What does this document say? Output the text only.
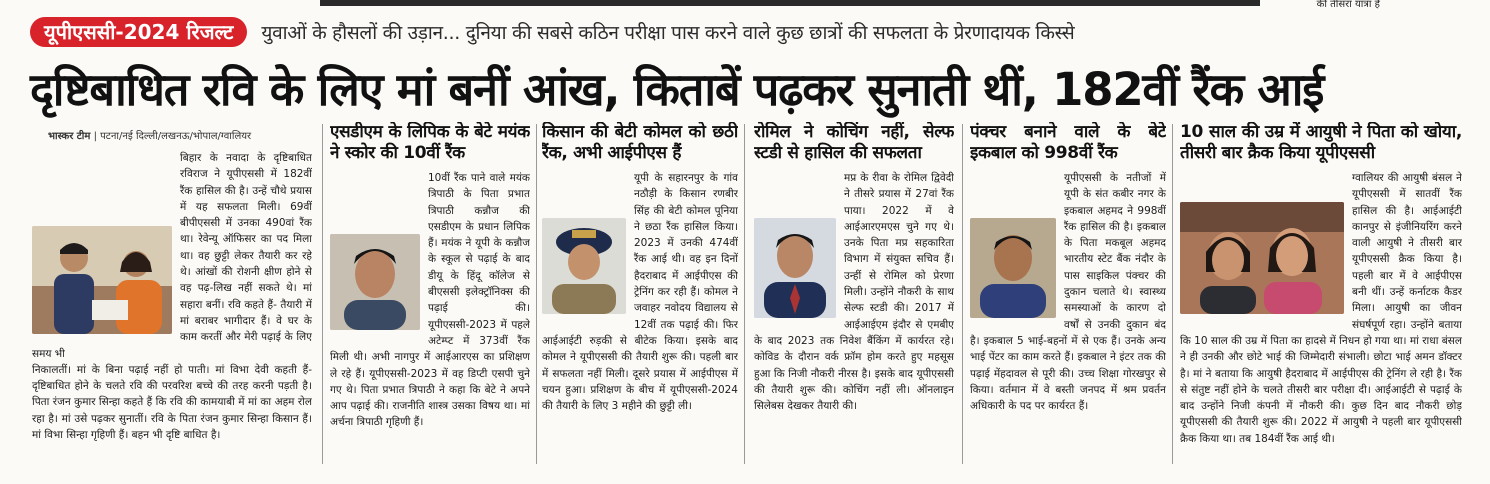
की तीसरा यात्रा है
यूपीएससी-2024 रिजल्ट	युवाओं के हौसलों की उड़ान... दुनिया की सबसे कठिन परीक्षा पास करने वाले कुछ छात्रों की सफलता के प्रेरणादायक किस्से
दृष्टिबाधित रवि के लिए मां बनीं आंख, किताबें पढ़कर सुनाती थीं, 182वीं रैंक आई
भास्कर टीम | पटना/नई दिल्ली/लखनऊ/भोपाल/ग्वालियर

बिहार के नवादा के दृष्टिबाधित रविराज ने यूपीएससी में 182वीं रैंक हासिल की है। उन्हें चौथे प्रयास में यह सफलता मिली। 69वीं बीपीएससी में उनका 490वां रैंक था। रेवेन्यू ऑफिसर का पद मिला था। वह छुट्टी लेकर तैयारी कर रहे थे। आंखों की रोशनी क्षीण होने से वह पढ़-लिख नहीं सकते थे। मां सहारा बनीं। रवि कहते हैं- तैयारी में मां बराबर भागीदार हैं। वे घर के काम करतीं और मेरी पढ़ाई के लिए समय भी

निकालतीं। मां के बिना पढ़ाई नहीं हो पाती। मां विभा देवी कहती हैं- दृष्टिबाधित होने के चलते रवि की परवरिश बच्चे की तरह करनी पड़ती है। पिता रंजन कुमार सिन्हा कहते हैं कि रवि की कामयाबी में मां का अहम रोल रहा है। मां उसे पढ़कर सुनातीं। रवि के पिता रंजन कुमार सिन्हा किसान हैं। मां विभा सिन्हा गृहिणी हैं। बहन भी दृष्टि बाधित है।

एसडीएम के लिपिक के बेटे मयंक ने स्कोर की 10वीं रैंक

10वीं रैंक पाने वाले मयंक त्रिपाठी के पिता प्रभात त्रिपाठी कन्नौज की एसडीएम के प्रधान लिपिक हैं। मयंक ने यूपी के कन्नौज के स्कूल से पढ़ाई के बाद डीयू के हिंदू कॉलेज से बीएससी इलेक्ट्रॉनिक्स की पढ़ाई की। यूपीएससी-2023 में पहले अटेम्प्ट में 373वीं रैंक मिली थी। अभी नागपुर में आईआरएस का प्रशिक्षण ले रहे हैं। यूपीएससी-2023 में वह डिप्टी एसपी चुने गए थे। पिता प्रभात त्रिपाठी ने कहा कि बेटे ने अपने आप पढ़ाई की। राजनीति शास्त्र उसका विषय था। मां अर्चना त्रिपाठी गृहिणी हैं।

किसान की बेटी कोमल को छठी रैंक, अभी आईपीएस हैं

यूपी के सहारनपुर के गांव नठौड़ी के किसान रणबीर सिंह की बेटी कोमल पूनिया ने छठा रैंक हासिल किया। 2023 में उनकी 474वीं रैंक आई थी। वह इन दिनों हैदराबाद में आईपीएस की ट्रेनिंग कर रही हैं। कोमल ने जवाहर नवोदय विद्यालय से 12वीं तक पढ़ाई की। फिर आईआईटी रुड़की से बीटेक किया। इसके बाद कोमल ने यूपीएससी की तैयारी शुरू की। पहली बार में सफलता नहीं मिली। दूसरे प्रयास में आईपीएस में चयन हुआ। प्रशिक्षण के बीच में यूपीएससी-2024 की तैयारी के लिए 3 महीने की छुट्टी ली।

रोमिल ने कोचिंग नहीं, सेल्फ स्टडी से हासिल की सफलता

मप्र के रीवा के रोमिल द्विवेदी ने तीसरे प्रयास में 27वां रैंक पाया। 2022 में वे आईआरएमएस चुने गए थे। उनके पिता मप्र सहकारिता विभाग में संयुक्त सचिव हैं। उन्हीं से रोमिल को प्रेरणा मिली। उन्होंने नौकरी के साथ सेल्फ स्टडी की। 2017 में आईआईएम इंदौर से एमबीए के बाद 2023 तक निवेश बैंकिंग में कार्यरत रहे। कोविड के दौरान वर्क फ्रॉम होम करते हुए महसूस हुआ कि निजी नौकरी नीरस है। इसके बाद यूपीएससी की तैयारी शुरू की। कोचिंग नहीं ली। ऑनलाइन सिलेबस देखकर तैयारी की।

पंक्चर बनाने वाले के बेटे इकबाल को 998वीं रैंक

यूपीएससी के नतीजों में यूपी के संत कबीर नगर के इकबाल अहमद ने 998वीं रैंक हासिल की है। इकबाल के पिता मकबूल अहमद भारतीय स्टेट बैंक नंदौर के पास साइकिल पंक्चर की दुकान चलाते थे। स्वास्थ्य समस्याओं के कारण दो वर्षों से उनकी दुकान बंद है। इकबाल 5 भाई-बहनों में से एक हैं। उनके अन्य भाई पेंटर का काम करते हैं। इकबाल ने इंटर तक की पढ़ाई मेंहदावल से पूरी की। उच्च शिक्षा गोरखपुर से किया। वर्तमान में वे बस्ती जनपद में श्रम प्रवर्तन अधिकारी के पद पर कार्यरत हैं।

10 साल की उम्र में आयुषी ने पिता को खोया, तीसरी बार क्रैक किया यूपीएससी

ग्वालियर की आयुषी बंसल ने यूपीएससी में सातवीं रैंक हासिल की है। आईआईटी कानपुर से इंजीनियरिंग करने वाली आयुषी ने तीसरी बार यूपीएससी क्रैक किया है। पहली बार में वे आईपीएस बनी थीं। उन्हें कर्नाटक कैडर मिला। आयुषी का जीवन संघर्षपूर्ण रहा। उन्होंने बताया कि 10 साल की उम्र में पिता का हादसे में निधन हो गया था। मां राधा बंसल ने ही उनकी और छोटे भाई की जिम्मेदारी संभाली। छोटा भाई अमन डॉक्टर है। मां ने बताया कि आयुषी हैदराबाद में आईपीएस की ट्रेनिंग ले रही है। रैंक से संतुष्ट नहीं होने के चलते तीसरी बार परीक्षा दी। आईआईटी से पढ़ाई के बाद उन्होंने निजी कंपनी में नौकरी की। कुछ दिन बाद नौकरी छोड़ यूपीएससी की तैयारी शुरू की। 2022 में आयुषी ने पहली बार यूपीएससी क्रैक किया था। तब 184वीं रैंक आई थी।
